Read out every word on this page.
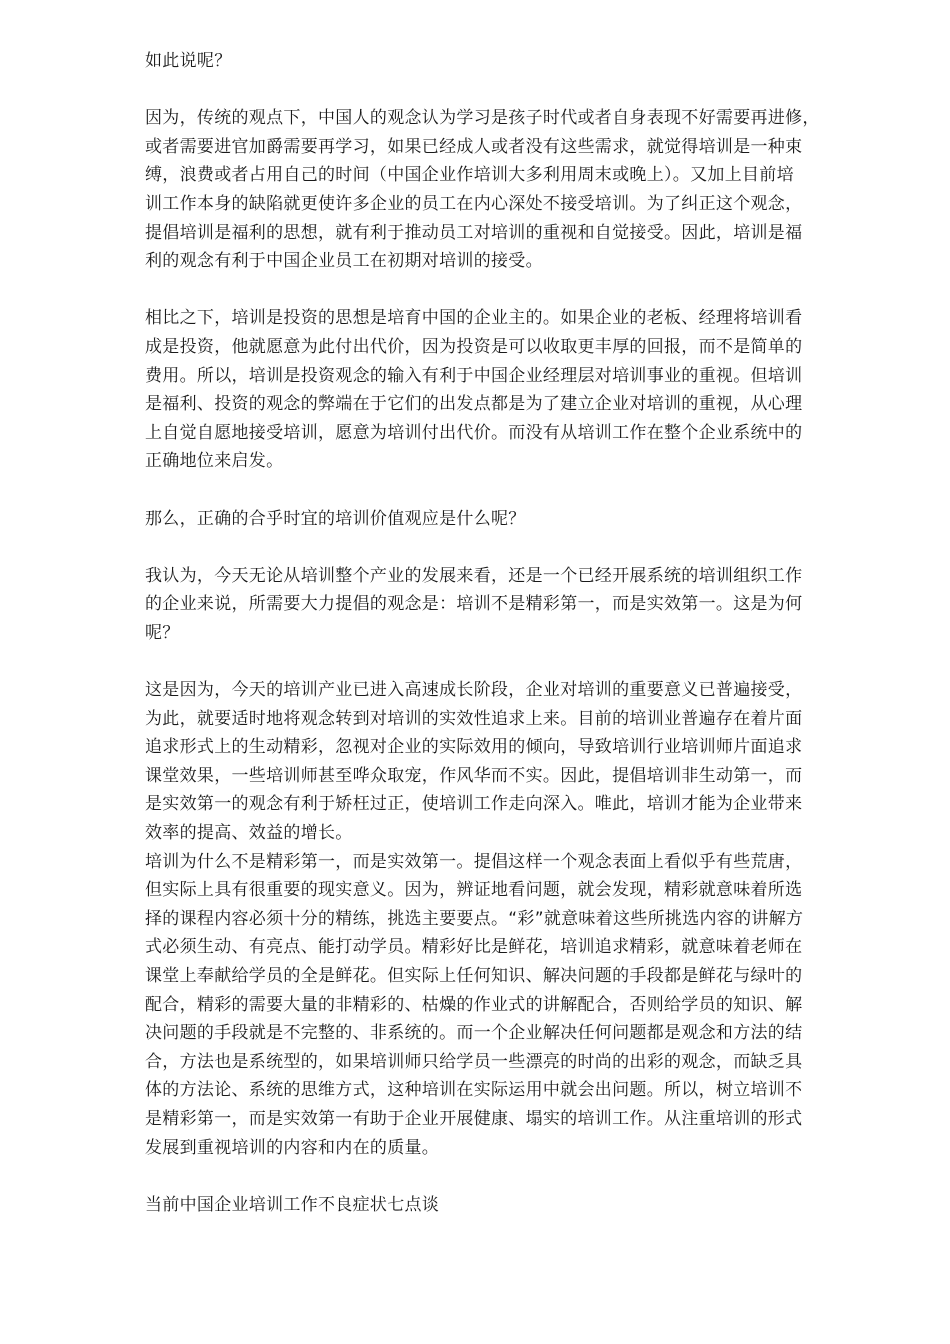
如此说呢？

因为，传统的观点下，中国人的观念认为学习是孩子时代或者自身表现不好需要再进修，
或者需要进官加爵需要再学习，如果已经成人或者没有这些需求，就觉得培训是一种束
缚，浪费或者占用自己的时间（中国企业作培训大多利用周末或晚上）。又加上目前培
训工作本身的缺陷就更使许多企业的员工在内心深处不接受培训。为了纠正这个观念，
提倡培训是福利的思想，就有利于推动员工对培训的重视和自觉接受。因此，培训是福
利的观念有利于中国企业员工在初期对培训的接受。

相比之下，培训是投资的思想是培育中国的企业主的。如果企业的老板、经理将培训看
成是投资，他就愿意为此付出代价，因为投资是可以收取更丰厚的回报，而不是简单的
费用。所以，培训是投资观念的输入有利于中国企业经理层对培训事业的重视。但培训
是福利、投资的观念的弊端在于它们的出发点都是为了建立企业对培训的重视，从心理
上自觉自愿地接受培训，愿意为培训付出代价。而没有从培训工作在整个企业系统中的
正确地位来启发。

那么，正确的合乎时宜的培训价值观应是什么呢？

我认为，今天无论从培训整个产业的发展来看，还是一个已经开展系统的培训组织工作
的企业来说，所需要大力提倡的观念是：培训不是精彩第一，而是实效第一。这是为何
呢？

这是因为，今天的培训产业已进入高速成长阶段，企业对培训的重要意义已普遍接受，
为此，就要适时地将观念转到对培训的实效性追求上来。目前的培训业普遍存在着片面
追求形式上的生动精彩，忽视对企业的实际效用的倾向，导致培训行业培训师片面追求
课堂效果，一些培训师甚至哗众取宠，作风华而不实。因此，提倡培训非生动第一，而
是实效第一的观念有利于矫枉过正，使培训工作走向深入。唯此，培训才能为企业带来
效率的提高、效益的增长。

培训为什么不是精彩第一，而是实效第一。提倡这样一个观念表面上看似乎有些荒唐，
但实际上具有很重要的现实意义。因为，辨证地看问题，就会发现，精彩就意味着所选
择的课程内容必须十分的精练，挑选主要要点。“彩”就意味着这些所挑选内容的讲解方
式必须生动、有亮点、能打动学员。精彩好比是鲜花，培训追求精彩，就意味着老师在
课堂上奉献给学员的全是鲜花。但实际上任何知识、解决问题的手段都是鲜花与绿叶的
配合，精彩的需要大量的非精彩的、枯燥的作业式的讲解配合，否则给学员的知识、解
决问题的手段就是不完整的、非系统的。而一个企业解决任何问题都是观念和方法的结
合，方法也是系统型的，如果培训师只给学员一些漂亮的时尚的出彩的观念，而缺乏具
体的方法论、系统的思维方式，这种培训在实际运用中就会出问题。所以，树立培训不
是精彩第一，而是实效第一有助于企业开展健康、塌实的培训工作。从注重培训的形式
发展到重视培训的内容和内在的质量。

当前中国企业培训工作不良症状七点谈
